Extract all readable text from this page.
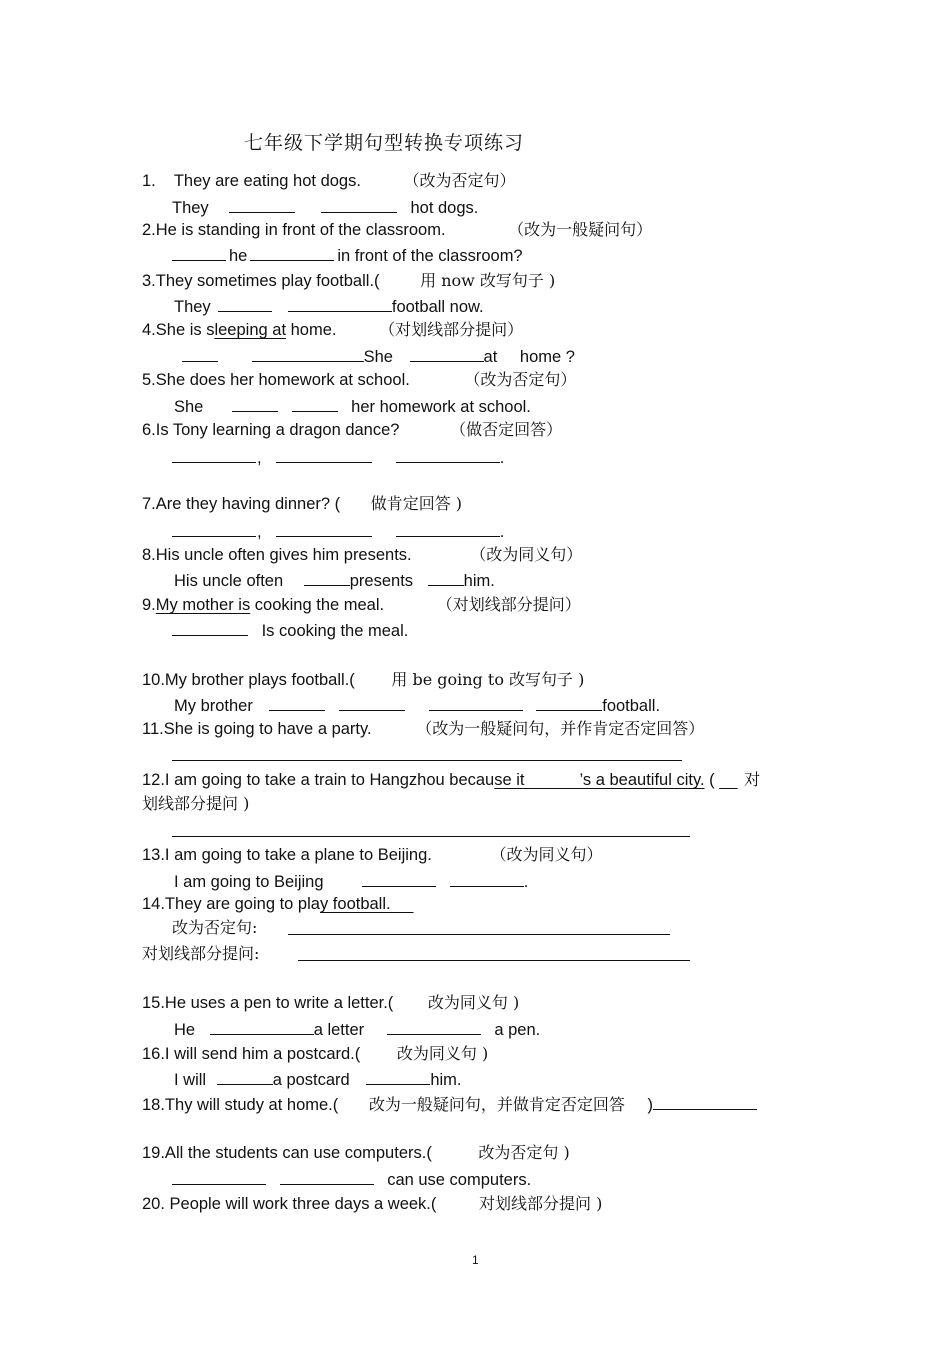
七年级下学期句型转换专项练习
1. They are eating hot dogs.	（改为否定句）
They	hot dogs.
2.He is standing in front of the classroom.	（改为一般疑问句）
he	in front of the classroom?
3.They sometimes play football.(	用 now 改写句子 )
They	football now.
4.She is sleeping at home.	（对划线部分提问）
She	at home ?
5.She does her homework at school.	（改为否定句）
She	her homework at school.
6.Is Tony learning a dragon dance?	（做否定回答）
,	.
7.Are they having dinner? ( 做肯定回答 )
,	.
8.His uncle often gives him presents.	（改为同义句）
His uncle often	presents	him.
9.My mother is cooking the meal.	（对划线部分提问）
Is cooking the meal.
10.My brother plays football.( 用 be going to 改写句子 )
My brother	football.
11.She is going to have a party.	（改为一般疑问句，并作肯定否定回答）
12.I am going to take a train to Hangzhou because it            ’s a beautiful city. (      对
划线部分提问 )
13.I am going to take a plane to Beijing.	（改为同义句）
I am going to Beijing	.
14.They are going to play football.
改为否定句:
对划线部分提问:
15.He uses a pen to write a letter.( 改为同义句 )
He	a letter	a pen.
16.I will send him a postcard.( 改为同义句 )
I will	a postcard	him.
18.Thy will study at home.( 改为一般疑问句，并做肯定否定回答 )
19.All the students can use computers.(	改为否定句 )
can use computers.
20. People will work three days a week.(	对划线部分提问 )
1
